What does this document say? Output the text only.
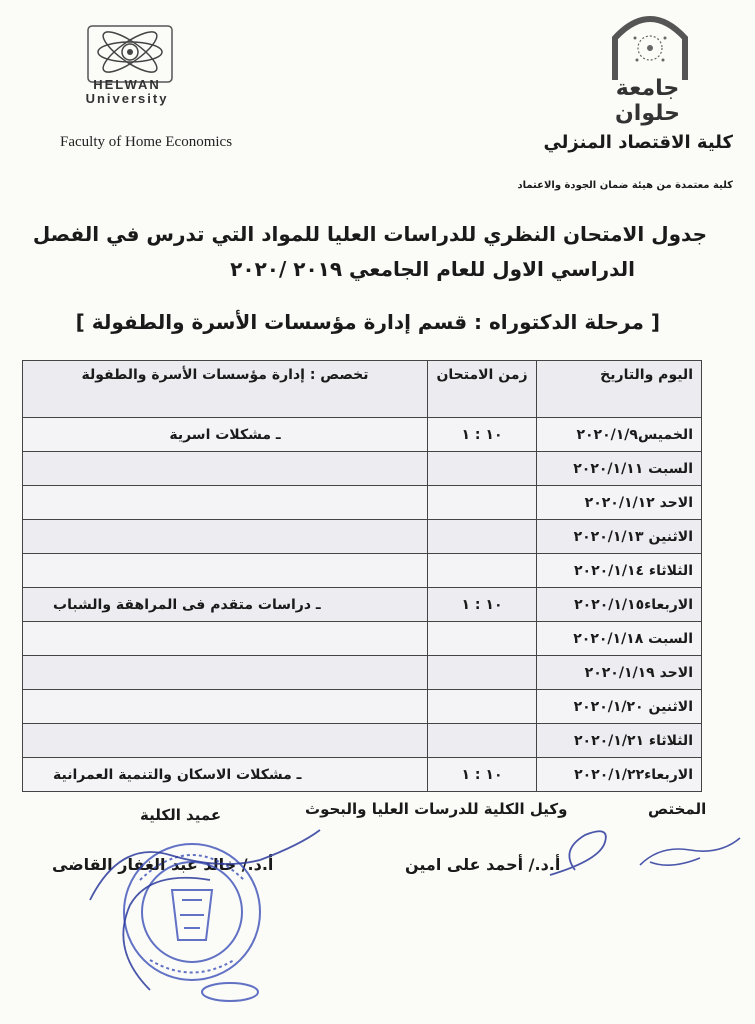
HELWAN
University
Faculty of Home Economics
جامعة حلوان
كلية الاقتصاد المنزلي
كلية معتمدة من هيئة ضمان الجودة والاعتماد
جدول الامتحان النظري للدراسات العليا للمواد التي تدرس في الفصل
الدراسي الاول للعام الجامعي ٢٠١٩ /٢٠٢٠
[ مرحلة الدكتوراه : قسم إدارة مؤسسات الأسرة والطفولة ]
اليوم والتاريخ	زمن الامتحان	تخصص : إدارة مؤسسات الأسرة والطفولة
الخميس٢٠٢٠/١/٩	١٠ : ١	ـ مشكلات اسرية
السبت ٢٠٢٠/١/١١		
الاحد ٢٠٢٠/١/١٢		
الاثنين ٢٠٢٠/١/١٣		
الثلاثاء ٢٠٢٠/١/١٤		
الاربعاء٢٠٢٠/١/١٥	١٠ : ١	ـ دراسات متقدم فى المراهقة والشباب
السبت ٢٠٢٠/١/١٨		
الاحد ٢٠٢٠/١/١٩		
الاثنين ٢٠٢٠/١/٢٠		
الثلاثاء ٢٠٢٠/١/٢١		
الاربعاء٢٠٢٠/١/٢٢	١٠ : ١	ـ مشكلات الاسكان والتنمية العمرانية
المختص
وكيل الكلية للدرسات العليا والبحوث
عميد الكلية
أ.د./ أحمد على امين
أ.د./ خالد عبد الغفار القاضى
